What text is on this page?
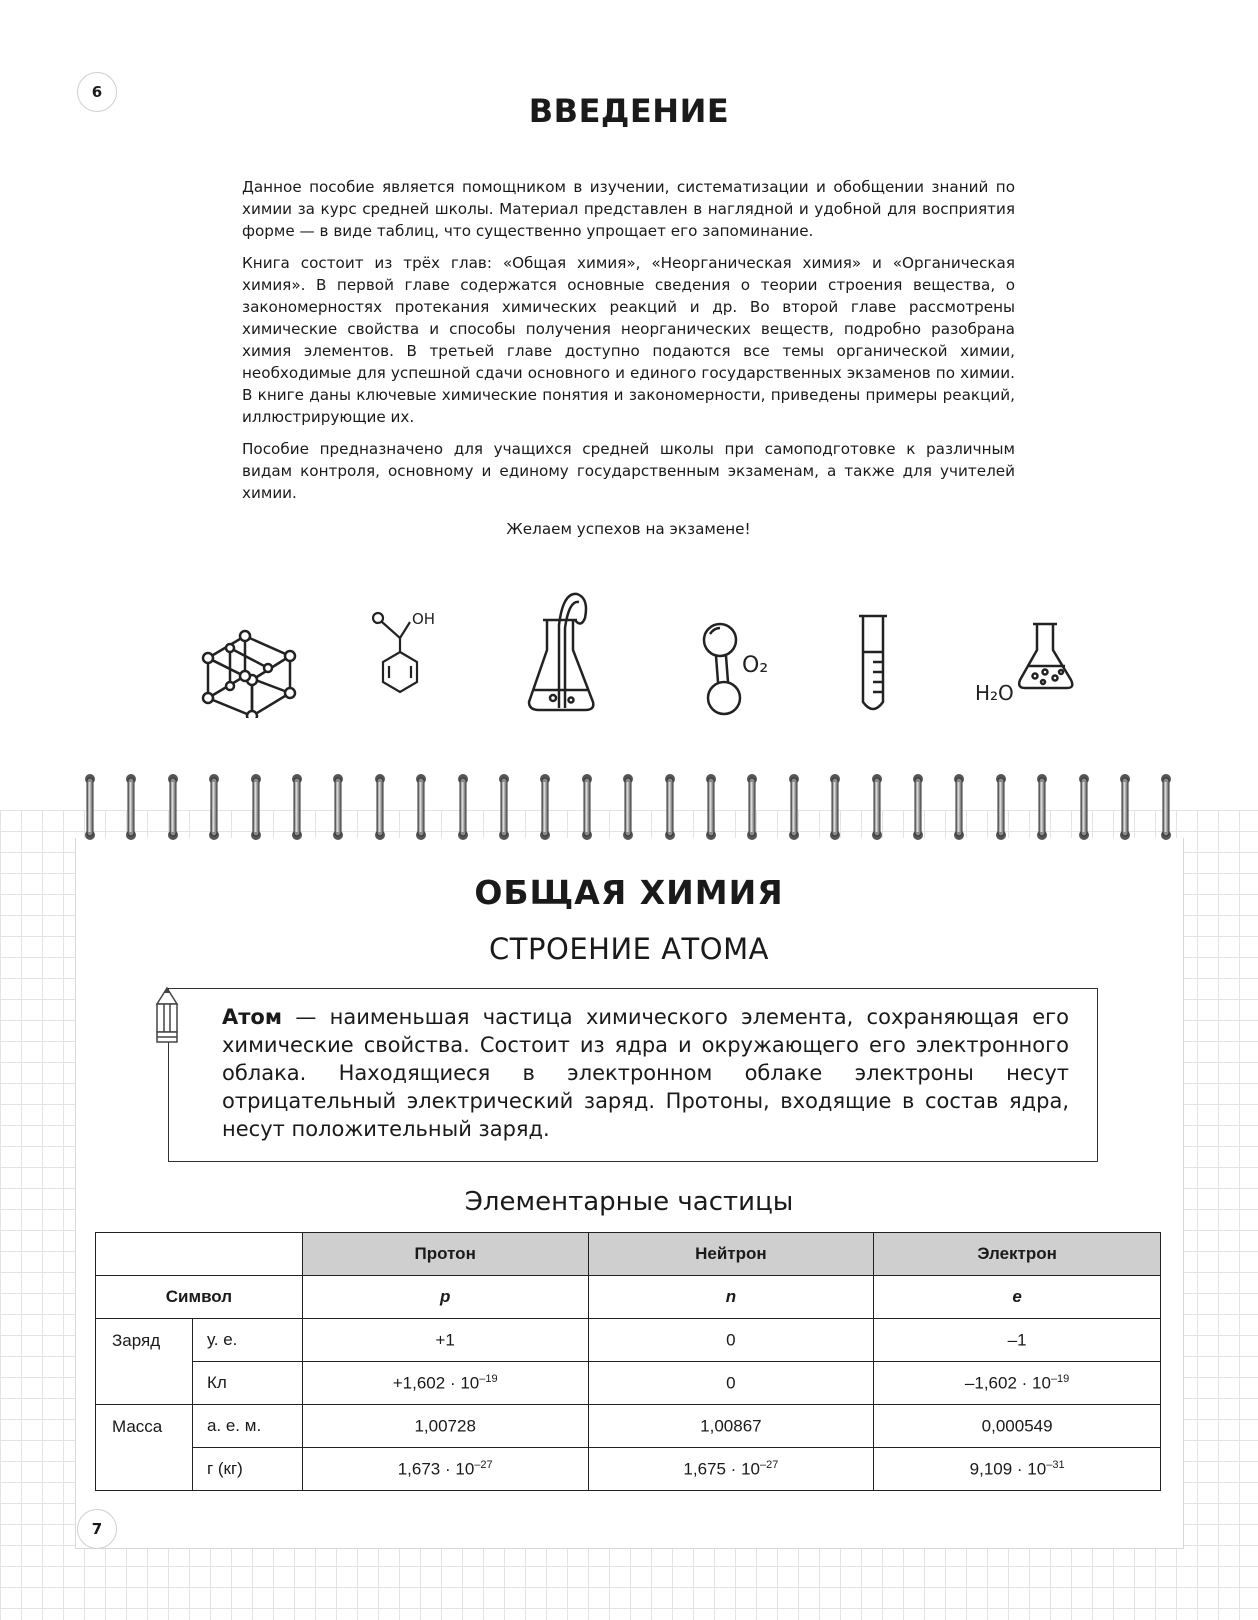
6	ВВЕДЕНИЕ

Данное пособие является помощником в изучении, систематизации и обобщении знаний по химии за курс средней школы. Материал представлен в наглядной и удобной для восприятия форме — в виде таблиц, что существенно упрощает его запоминание.

Книга состоит из трёх глав: «Общая химия», «Неорганическая химия» и «Органическая химия». В первой главе содержатся основные сведения о теории строения вещества, о закономерностях протекания химических реакций и др. Во второй главе рассмотрены химические свойства и способы получения неорганических веществ, подробно разобрана химия элементов. В третьей главе доступно подаются все темы органической химии, необходимые для успешной сдачи основного и единого государственных экзаменов по химии. В книге даны ключевые химические понятия и закономерности, приведены примеры реакций, иллюстрирующие их.

Пособие предназначено для учащихся средней школы при самоподготовке к различным видам контроля, основному и единому государственным экзаменам, а также для учителей химии.

Желаем успехов на экзамене!

OH
O₂
H₂O
ОБЩАЯ ХИМИЯ
СТРОЕНИЕ АТОМА
Атом — наименьшая частица химического элемента, сохраняющая его химические свойства. Состоит из ядра и окружающего его электронного облака. Находящиеся в электронном облаке электроны несут отрицательный электрический заряд. Протоны, входящие в состав ядра, несут положительный заряд.
Элементарные частицы
		Протон	Нейтрон	Электрон
Символ		p	n	e
Заряд	у. е.	+1	0	–1
	Кл	$+1,602 \cdot 10^{-19}$	0	$-1,602 \cdot 10^{-19}$
Масса	а. е. м.	1,00728	1,00867	0,000549
	г (кг)	$1,673 \cdot 10^{-27}$	$1,675 \cdot 10^{-27}$	$9,109 \cdot 10^{-31}$
7
